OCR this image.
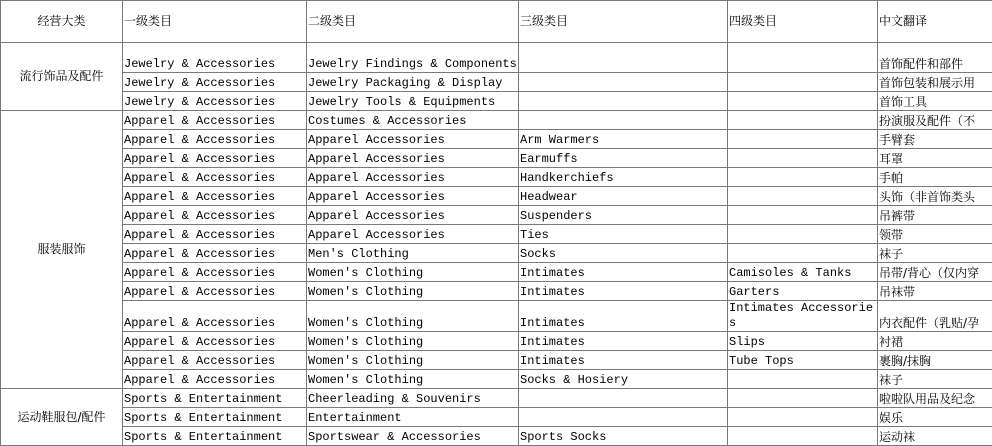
经营大类	一级类目	二级类目	三级类目	四级类目	中文翻译
流行饰品及配件	Jewelry & Accessories	Jewelry Findings & Components			首饰配件和部件
	Jewelry & Accessories	Jewelry Packaging & Display			首饰包装和展示用
	Jewelry & Accessories	Jewelry Tools & Equipments			首饰工具
服装服饰	Apparel & Accessories	Costumes & Accessories			扮演服及配件（不
	Apparel & Accessories	Apparel Accessories	Arm Warmers		手臂套
	Apparel & Accessories	Apparel Accessories	Earmuffs		耳罩
	Apparel & Accessories	Apparel Accessories	Handkerchiefs		手帕
	Apparel & Accessories	Apparel Accessories	Headwear		头饰（非首饰类头
	Apparel & Accessories	Apparel Accessories	Suspenders		吊裤带
	Apparel & Accessories	Apparel Accessories	Ties		领带
	Apparel & Accessories	Men's Clothing	Socks		袜子
	Apparel & Accessories	Women's Clothing	Intimates	Camisoles & Tanks	吊带/背心（仅内穿
	Apparel & Accessories	Women's Clothing	Intimates	Garters	吊袜带
	Apparel & Accessories	Women's Clothing	Intimates	Intimates Accessories	内衣配件（乳贴/孕
	Apparel & Accessories	Women's Clothing	Intimates	Slips	衬裙
	Apparel & Accessories	Women's Clothing	Intimates	Tube Tops	裹胸/抹胸
	Apparel & Accessories	Women's Clothing	Socks & Hosiery		袜子
运动鞋服包/配件	Sports & Entertainment	Cheerleading & Souvenirs			啦啦队用品及纪念
	Sports & Entertainment	Entertainment			娱乐
	Sports & Entertainment	Sportswear & Accessories	Sports Socks		运动袜
